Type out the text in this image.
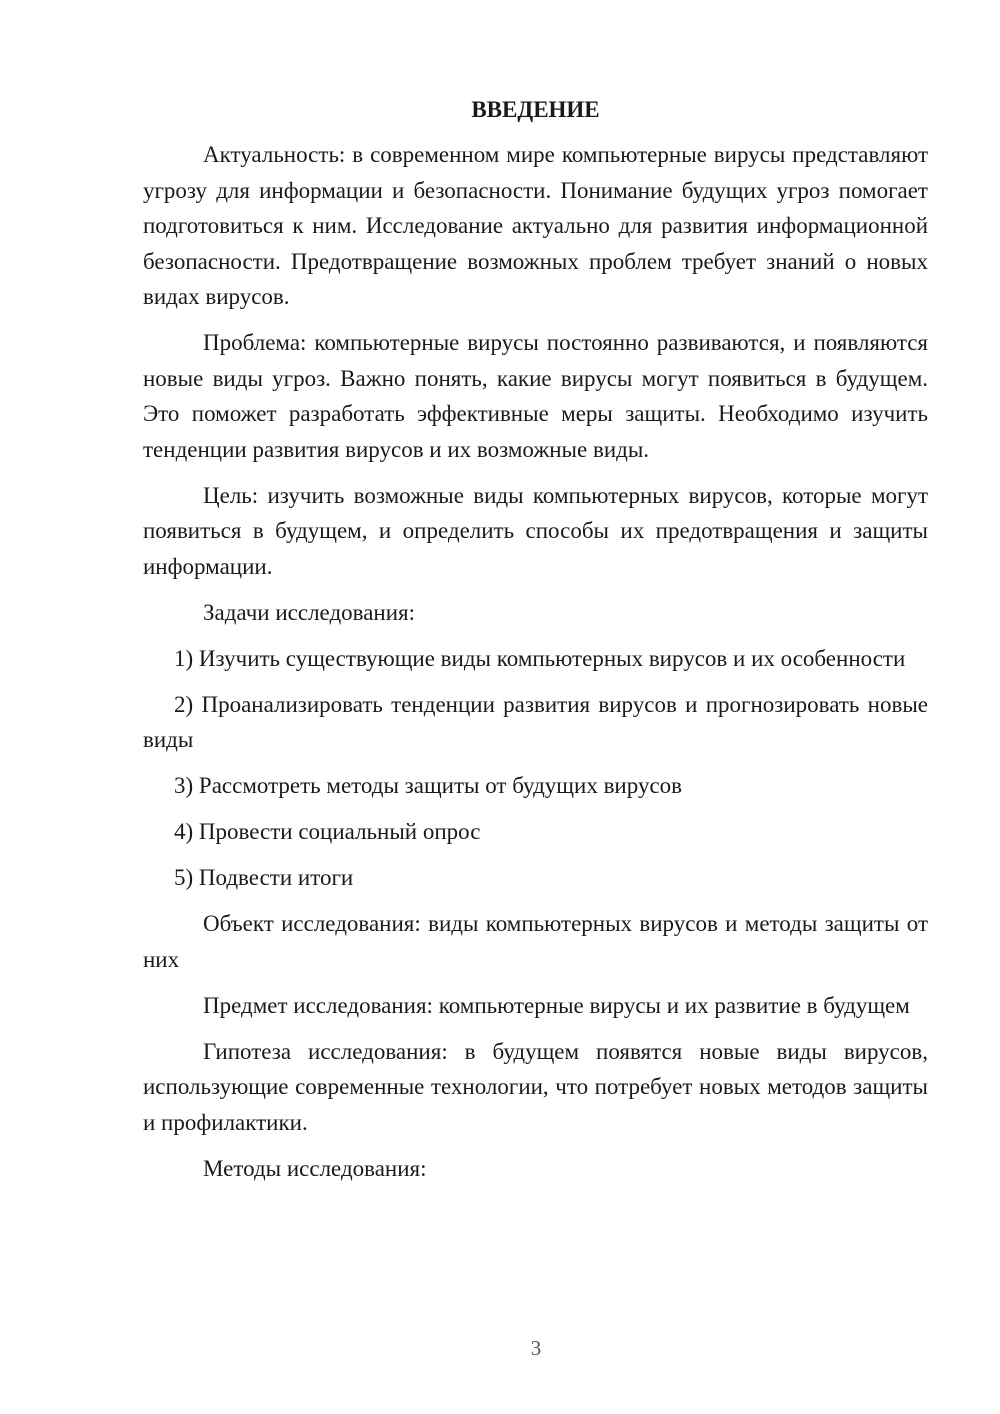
ВВЕДЕНИЕ

Актуальность: в современном мире компьютерные вирусы представляют угрозу для информации и безопасности. Понимание будущих угроз помогает подготовиться к ним. Исследование актуально для развития информационной безопасности. Предотвращение возможных проблем требует знаний о новых видах вирусов.

Проблема: компьютерные вирусы постоянно развиваются, и появляются новые виды угроз. Важно понять, какие вирусы могут появиться в будущем. Это поможет разработать эффективные меры защиты. Необходимо изучить тенденции развития вирусов и их возможные виды.

Цель: изучить возможные виды компьютерных вирусов, которые могут появиться в будущем, и определить способы их предотвращения и защиты информации.

Задачи исследования:

1) Изучить существующие виды компьютерных вирусов и их особенности

2) Проанализировать тенденции развития вирусов и прогнозировать новые виды

3) Рассмотреть методы защиты от будущих вирусов

4) Провести социальный опрос

5) Подвести итоги

Объект исследования: виды компьютерных вирусов и методы защиты от них

Предмет исследования: компьютерные вирусы и их развитие в будущем

Гипотеза исследования: в будущем появятся новые виды вирусов, использующие современные технологии, что потребует новых методов защиты и профилактики.

Методы исследования:

3
